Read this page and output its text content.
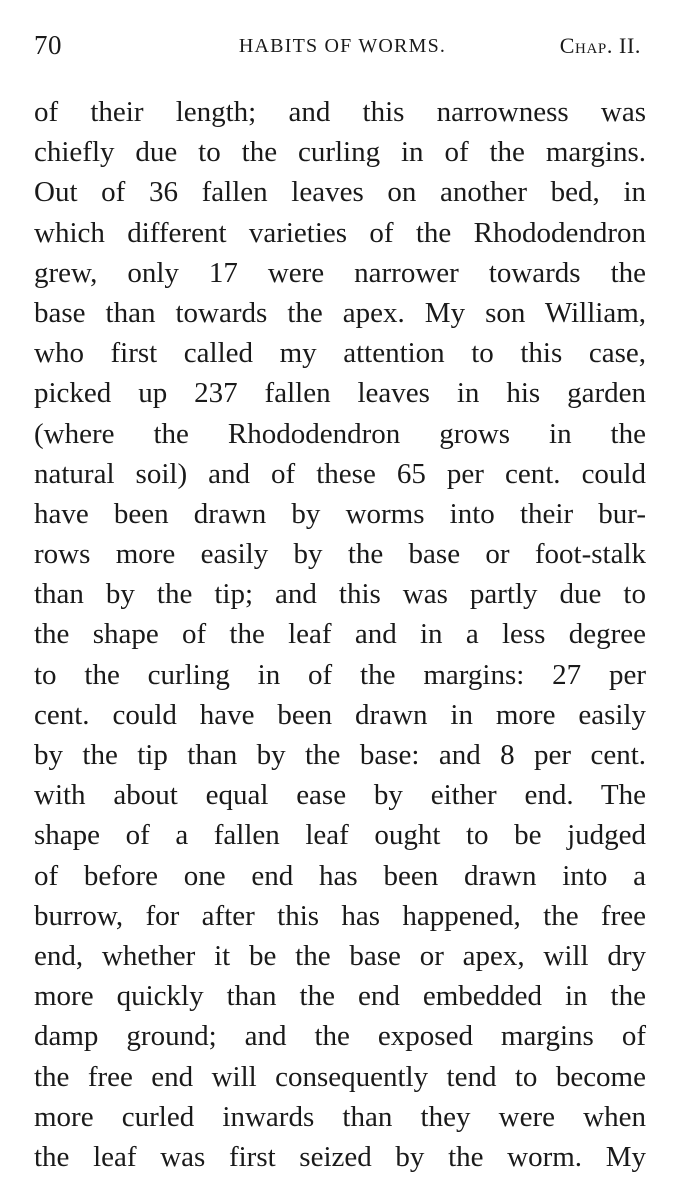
70	HABITS OF WORMS.	Chap. II.
of their length; and this narrowness was
chiefly due to the curling in of the margins.
Out of 36 fallen leaves on another bed, in
which different varieties of the Rhododendron
grew, only 17 were narrower towards the
base than towards the apex. My son William,
who first called my attention to this case,
picked up 237 fallen leaves in his garden
(where the Rhododendron grows in the
natural soil) and of these 65 per cent. could
have been drawn by worms into their bur-
rows more easily by the base or foot-stalk
than by the tip; and this was partly due to
the shape of the leaf and in a less degree
to the curling in of the margins: 27 per
cent. could have been drawn in more easily
by the tip than by the base: and 8 per cent.
with about equal ease by either end. The
shape of a fallen leaf ought to be judged
of before one end has been drawn into a
burrow, for after this has happened, the free
end, whether it be the base or apex, will dry
more quickly than the end embedded in the
damp ground; and the exposed margins of
the free end will consequently tend to become
more curled inwards than they were when
the leaf was first seized by the worm. My
